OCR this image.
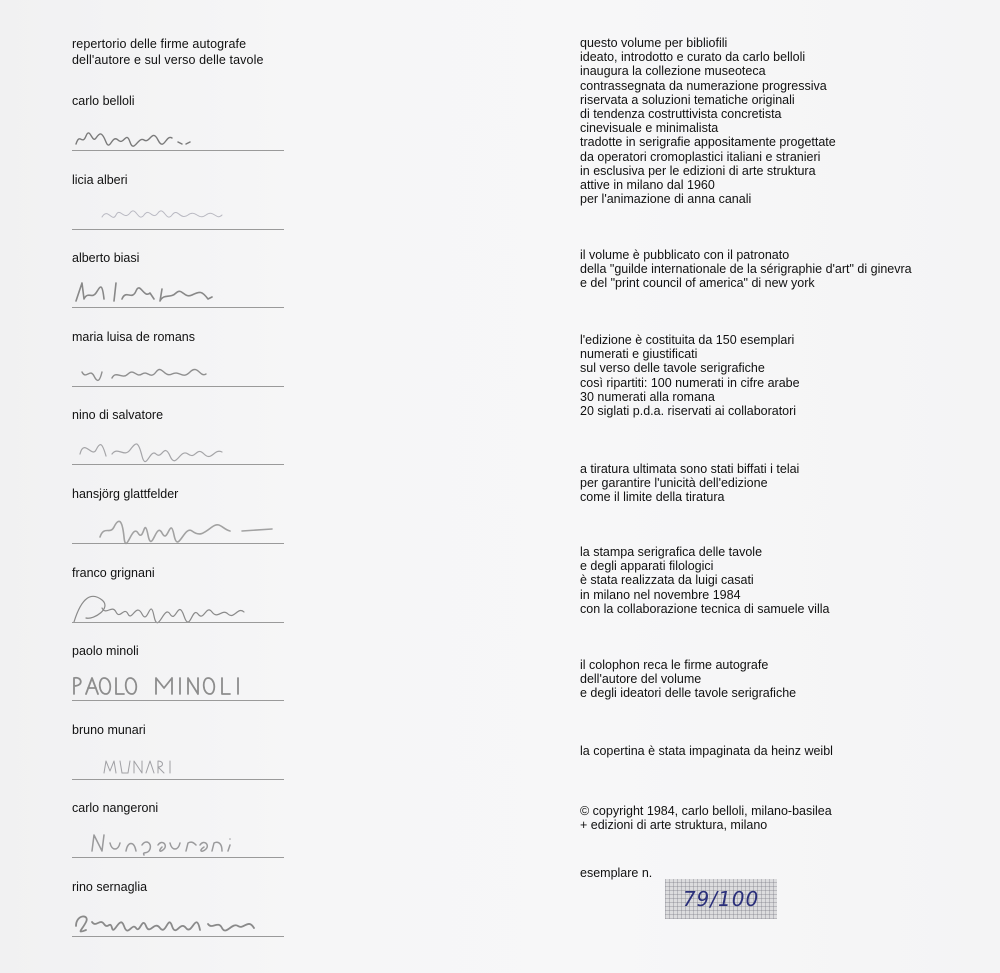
repertorio delle firme autografe
dell'autore e sul verso delle tavole
carlo belloli
licia alberi
alberto biasi
maria luisa de romans
nino di salvatore
hansjörg glattfelder
franco grignani
paolo minoli
bruno munari
carlo nangeroni
rino sernaglia
questo volume per bibliofili
ideato, introdotto e curato da carlo belloli
inaugura la collezione museoteca
contrassegnata da numerazione progressiva
riservata a soluzioni tematiche originali
di tendenza costruttivista concretista
cinevisuale e minimalista
tradotte in serigrafie appositamente progettate
da operatori cromoplastici italiani e stranieri
in esclusiva per le edizioni di arte struktura
attive in milano dal 1960
per l'animazione di anna canali
il volume è pubblicato con il patronato
della "guilde internationale de la sérigraphie d'art" di ginevra
e del "print council of america" di new york
l'edizione è costituita da 150 esemplari
numerati e giustificati
sul verso delle tavole serigrafiche
così ripartiti: 100 numerati in cifre arabe
30 numerati alla romana
20 siglati p.d.a. riservati ai collaboratori
a tiratura ultimata sono stati biffati i telai
per garantire l'unicità dell'edizione
come il limite della tiratura
la stampa serigrafica delle tavole
e degli apparati filologici
è stata realizzata da luigi casati
in milano nel novembre 1984
con la collaborazione tecnica di samuele villa
il colophon reca le firme autografe
dell'autore del volume
e degli ideatori delle tavole serigrafiche
la copertina è stata impaginata da heinz weibl
© copyright 1984, carlo belloli, milano-basilea
+ edizioni di arte struktura, milano
esemplare n.
79/100
